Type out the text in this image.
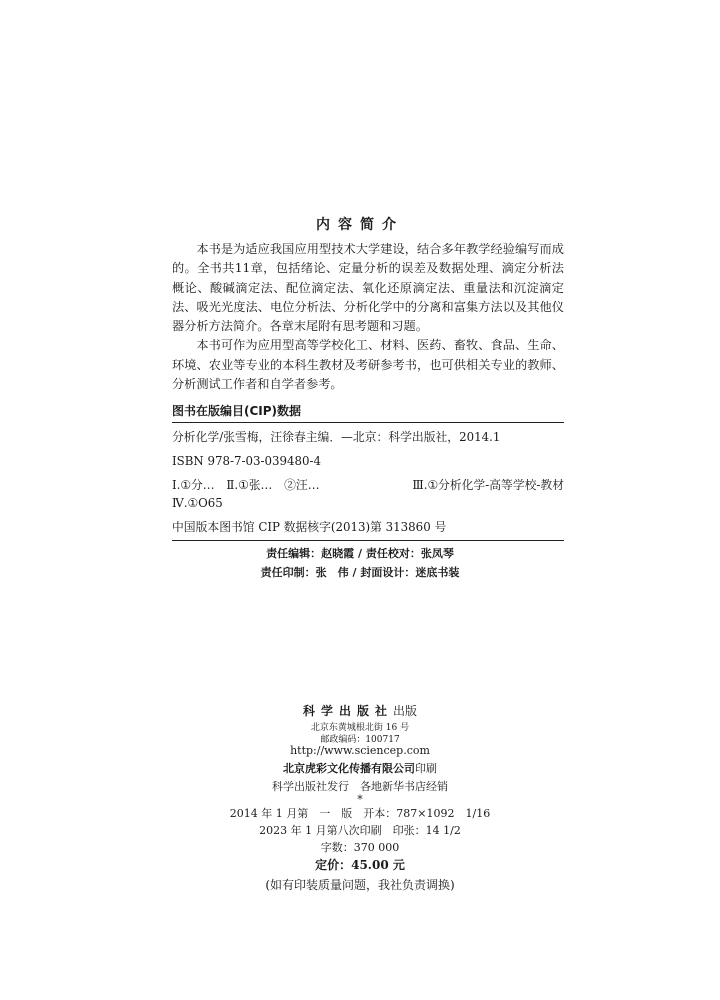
内容简介

本书是为适应我国应用型技术大学建设，结合多年教学经验编写而成的。全书共11章，包括绪论、定量分析的误差及数据处理、滴定分析法概论、酸碱滴定法、配位滴定法、氧化还原滴定法、重量法和沉淀滴定法、吸光光度法、电位分析法、分析化学中的分离和富集方法以及其他仪器分析方法简介。各章末尾附有思考题和习题。

本书可作为应用型高等学校化工、材料、医药、畜牧、食品、生命、环境、农业等专业的本科生教材及考研参考书，也可供相关专业的教师、分析测试工作者和自学者参考。

图书在版编目(CIP)数据
分析化学/张雪梅，汪徐春主编．—北京：科学出版社，2014.1
ISBN 978-7-03-039480-4
Ⅰ.①分…　Ⅱ.①张…　②汪…	Ⅲ.①分析化学-高等学校-教材
Ⅳ.①O65
中国版本图书馆 CIP 数据核字(2013)第 313860 号
责任编辑：赵晓霞 / 责任校对：张凤琴
责任印制：张　伟 / 封面设计：迷底书装
科学出版社出版
北京东黄城根北街 16 号
邮政编码：100717
http://www.sciencep.com
北京虎彩文化传播有限公司印刷
科学出版社发行　各地新华书店经销
*
2014 年 1 月第　一　版　开本：787×1092　1/16
2023 年 1 月第八次印刷　印张：14 1/2
字数：370 000
定价：45.00 元
(如有印装质量问题，我社负责调换)
